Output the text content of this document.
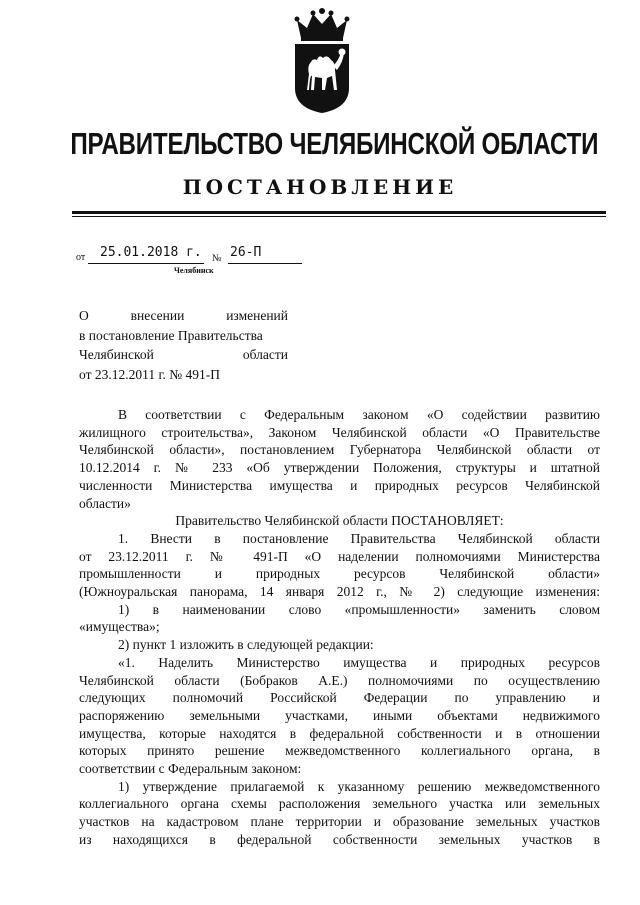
ПРАВИТЕЛЬСТВО ЧЕЛЯБИНСКОЙ ОБЛАСТИ
ПОСТАНОВЛЕНИЕ
от 25.01.2018 г. № 26-П
Челябинск
О внесении изменений
в постановление Правительства
Челябинской области
от 23.12.2011 г. № 491-П
В соответствии с Федеральным законом «О содействии развитию
жилищного строительства», Законом Челябинской области «О Правительстве
Челябинской области», постановлением Губернатора Челябинской области от
10.12.2014 г. № 233 «Об утверждении Положения, структуры и штатной
численности Министерства имущества и природных ресурсов Челябинской
области»
Правительство Челябинской области ПОСТАНОВЛЯЕТ:
1. Внести в постановление Правительства Челябинской области
от 23.12.2011 г. № 491-П «О наделении полномочиями Министерства
промышленности и природных ресурсов Челябинской области»
(Южноуральская панорама, 14 января 2012 г., № 2) следующие изменения:
1) в наименовании слово «промышленности» заменить словом
«имущества»;
2) пункт 1 изложить в следующей редакции:
«1. Наделить Министерство имущества и природных ресурсов
Челябинской области (Бобраков А.Е.) полномочиями по осуществлению
следующих полномочий Российской Федерации по управлению и
распоряжению земельными участками, иными объектами недвижимого
имущества, которые находятся в федеральной собственности и в отношении
которых принято решение межведомственного коллегиального органа, в
соответствии с Федеральным законом:
1) утверждение прилагаемой к указанному решению межведомственного
коллегиального органа схемы расположения земельного участка или земельных
участков на кадастровом плане территории и образование земельных участков
из находящихся в федеральной собственности земельных участков в
